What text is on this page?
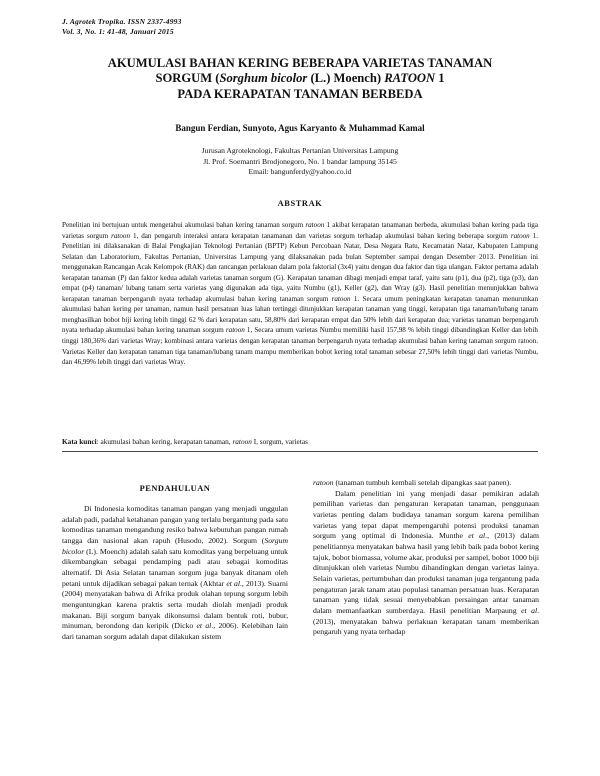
J. Agrotek Tropika. ISSN 2337-4993
Vol. 3, No. 1: 41-48, Januari 2015
AKUMULASI BAHAN KERING BEBERAPA VARIETAS TANAMAN
SORGUM (Sorghum bicolor (L.) Moench) RATOON 1
PADA KERAPATAN TANAMAN BERBEDA
Bangun Ferdian, Sunyoto, Agus Karyanto & Muhammad Kamal
Jurusan Agroteknologi, Fakultas Pertanian Universitas Lampung
Jl. Prof. Soemantri Brodjonegoro, No. 1 bandar lampung 35145
Email: bangunferdy@yahoo.co.id
ABSTRAK
Penelitian ini bertujuan untuk mengetahui akumulasi bahan kering tanaman sorgum ratoon 1 akibat kerapatan tanamanan berbeda, akumulasi bahan kering pada tiga varietas sorgum ratoon 1, dan pengaruh interaksi antara kerapatan tanamanan dan varietas sorgum terhadap akumulasi bahan kering beberapa sorgum ratoon 1. Penelitian ini dilaksanakan di Balai Pengkajian Teknologi Pertanian (BPTP) Kebun Percobaan Natar, Desa Negara Ratu, Kecamatan Natar, Kabupaten Lampung Selatan dan Laboratorium, Fakultas Pertanian, Universitas Lampung yang dilaksanakan pada bulan September sampai dengan Desember 2013. Penelitian ini menggunakan Rancangan Acak Kelompok (RAK) dan rancangan perlakuan dalam pola faktorial (3x4) yaitu dengan dua faktor dan tiga ulangan. Faktor pertama adalah kerapatan tanaman (P) dan faktor kedua adalah varietas tanaman sorgum (G). Kerapatan tanaman dibagi menjadi empat taraf, yaitu satu (p1), dua (p2), tiga (p3), dan empat (p4) tanaman/ lubang tanam serta varietas yang digunakan ada tiga, yaitu Numbu (g1), Keller (g2), dan Wray (g3). Hasil penelitian menunjukkan bahwa kerapatan tanaman berpengaruh nyata terhadap akumulasi bahan kering tanaman sorgum ratoon 1. Secara umum peningkatan kerapatan tanaman menurunkan akumulasi bahan kering per tanaman, namun hasil persatuan luas lahan tertinggi ditunjukkan kerapatan tanaman yang tinggi, kerapatan tiga tanaman/lubang tanam menghasilkan bobot biji kering lebih tinggi 62 % dari kerapatan satu, 58,80% dari kerapatan empat dan 50% lebih dari kerapatan dua; varietas tanaman berpengaruh nyata terhadap akumulasi bahan kering tanaman sorgum ratoon 1, Secara umum varietas Numbu memiliki hasil 157,98 % lebih tinggi dibandingkan Keller dan lebih tinggi 180,36% dari varietas Wray; kombinasi antara varietas dengan kerapatan tanaman berpengaruh nyata terhadap akumulasi bahan kering tanaman sorgum ratoon. Varietas Keller dan kerapatan tanaman tiga tanaman/lubang tanam mampu memberikan bobot kering total tanaman sebesar 27,50% lebih tinggi dari varietas Numbu, dan 46,99% lebih tinggi dari varietas Wray.
Kata kunci: akumulasi bahan kering, kerapatan tanaman, ratoon I, sorgum, varietas
PENDAHULUAN

Di Indonesia komoditas tanaman pangan yang menjadi unggulan adalah padi, padahal ketahanan pangan yang terlalu bergantung pada satu komoditas tanaman mengandung resiko bahwa kebutuhan pangan rumah tangga dan nasional akan rapuh (Husodo, 2002). Sorgum (Sorgum bicolor (L). Moench) adalah salah satu komoditas yang berpeluang untuk dikembangkan sebagai pendamping padi atau sebagai komoditas alternatif. Di Asia Selatan tanaman sorgum juga banyak ditanam oleh petani untuk dijadikan sebagai pakan ternak (Akhtar et al., 2013). Suarni (2004) menyatakan bahwa di Afrika produk olahan tepung sorgum lebih menguntungkan karena praktis serta mudah diolah menjadi produk makanan. Biji sorgum banyak dikonsumsi dalam bentuk roti, bubur, minuman, berondong dan keripik (Dicko et al., 2006). Kelebihan lain dari tanaman sorgum adalah dapat dilakukan sistem

ratoon (tanaman tumbuh kembali setelah dipangkas saat panen).

Dalam penelitian ini yang menjadi dasar pemikiran adalah pemilihan varietas dan pengaturan kerapatan tanaman, penggunaan varietas penting dalam budidaya tanaman sorgum karena pemilihan varietas yang tepat dapat mempengaruhi potensi produksi tanaman sorgum yang optimal di Indonesia. Munthe et al., (2013) dalam penelitiannya menyatakan bahwa hasil yang lebih baik pada bobot kering tajuk, bobot biomassa, volume akar, produksi per sampel, bobot 1000 biji ditunjukkan oleh varietas Numbu dibandingkan dengan varietas lainya. Selain varietas, pertumbuhan dan produksi tanaman juga tergantung pada pengaturan jarak tanam atau populasi tanaman persatuan luas. Kerapatan tanaman yang tidak sesuai menyebabkan persaingan antar tanaman dalam memanfaatkan sumberdaya. Hasil penelitian Marpaung et al. (2013), menyatakan bahwa perlakuan kerapatan tanam memberikan pengaruh yang nyata terhadap
